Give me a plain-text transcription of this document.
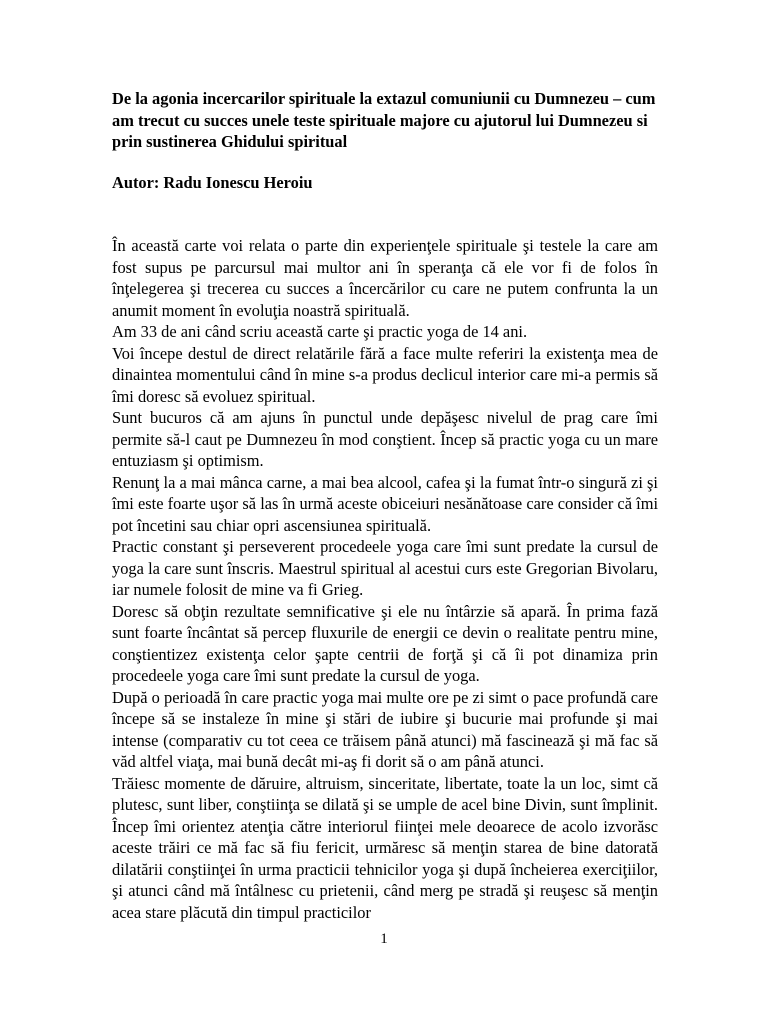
De la agonia incercarilor spirituale la extazul comuniunii cu Dumnezeu – cum am trecut cu succes unele teste spirituale majore cu ajutorul lui Dumnezeu si prin sustinerea Ghidului spiritual

Autor: Radu Ionescu Heroiu

În această carte voi relata o parte din experienţele spirituale şi testele la care am fost supus pe parcursul mai multor ani în speranţa că ele vor fi de folos în înţelegerea şi trecerea cu succes a încercărilor cu care ne putem confrunta la un anumit moment în evoluţia noastră spirituală.

Am 33 de ani când scriu această carte şi practic yoga de 14 ani.

Voi începe destul de direct relatările fără a face multe referiri la existenţa mea de dinaintea momentului când în mine s-a produs declicul interior care mi-a permis să îmi doresc să evoluez spiritual.

Sunt bucuros că am ajuns în punctul unde depăşesc nivelul de prag care îmi permite să-l caut pe Dumnezeu în mod conştient. Încep să practic yoga cu un mare entuziasm şi optimism.

Renunţ la a mai mânca carne, a mai bea alcool, cafea şi la fumat într-o singură zi şi îmi este foarte uşor să las în urmă aceste obiceiuri nesănătoase care consider că îmi pot încetini sau chiar opri ascensiunea spirituală.

Practic constant şi perseverent procedeele yoga care îmi sunt predate la cursul de yoga la care sunt înscris. Maestrul spiritual al acestui curs este Gregorian Bivolaru, iar numele folosit de mine va fi Grieg.

Doresc să obţin rezultate semnificative şi ele nu întârzie să apară. În prima fază sunt foarte încântat să percep fluxurile de energii ce devin o realitate pentru mine, conştientizez existenţa celor şapte centrii de forţă şi că îi pot dinamiza prin procedeele yoga care îmi sunt predate la cursul de yoga.

După o perioadă în care practic yoga mai multe ore pe zi simt o pace profundă care începe să se instaleze în mine şi stări de iubire şi bucurie mai profunde şi mai intense (comparativ cu tot ceea ce trăisem până atunci) mă fascinează şi mă fac să văd altfel viaţa, mai bună decât mi-aş fi dorit să o am până atunci.

Trăiesc momente de dăruire, altruism, sinceritate, libertate, toate la un loc, simt că plutesc, sunt liber, conştiinţa se dilată şi se umple de acel bine Divin, sunt împlinit. Încep îmi orientez atenţia către interiorul fiinţei mele deoarece de acolo izvorăsc aceste trăiri ce mă fac să fiu fericit, urmăresc să menţin starea de bine datorată dilatării conştiinţei în urma practicii tehnicilor yoga şi după încheierea exerciţiilor, şi atunci când mă întâlnesc cu prietenii, când merg pe stradă şi reuşesc să menţin acea stare plăcută din timpul practicilor

1
